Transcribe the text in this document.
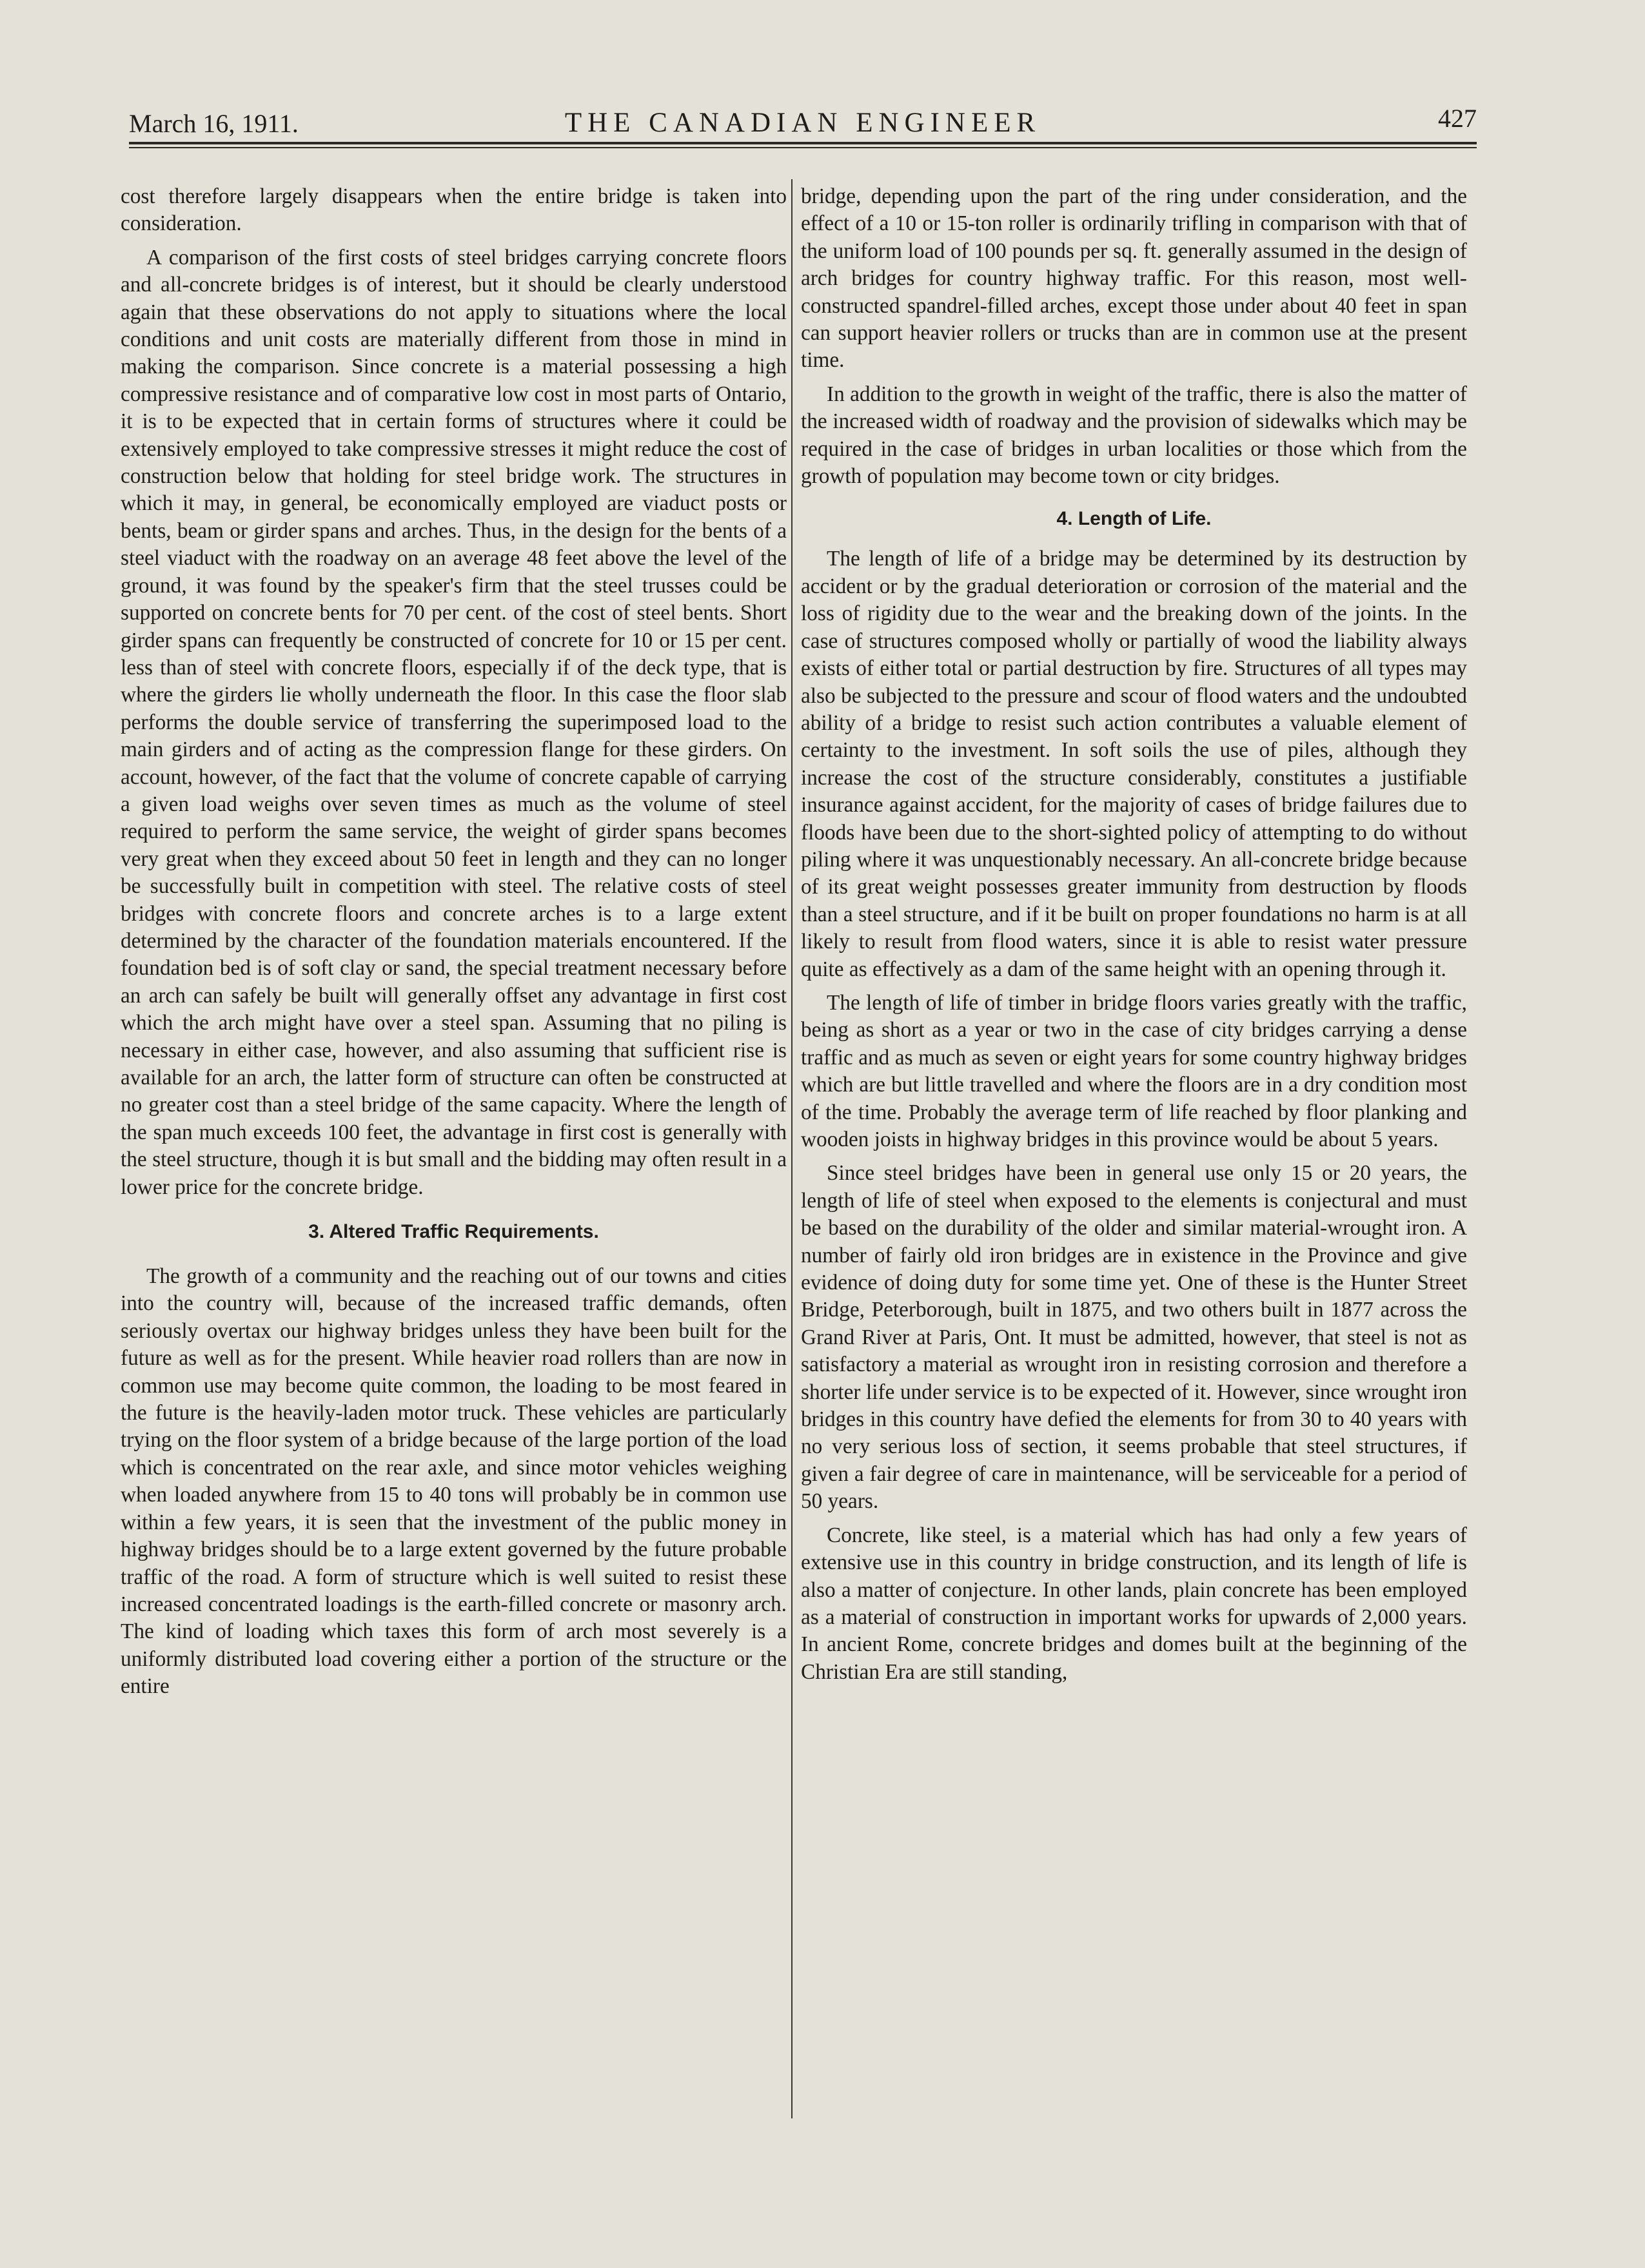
March 16, 1911.	THE CANADIAN ENGINEER	427

cost therefore largely disappears when the entire bridge is taken into consideration.

A comparison of the first costs of steel bridges carrying concrete floors and all-concrete bridges is of interest, but it should be clearly understood again that these observations do not apply to situations where the local conditions and unit costs are materially different from those in mind in making the comparison. Since concrete is a material possessing a high compressive resistance and of comparative low cost in most parts of Ontario, it is to be expected that in certain forms of structures where it could be extensively employed to take compressive stresses it might reduce the cost of construction below that holding for steel bridge work. The structures in which it may, in general, be economically employed are viaduct posts or bents, beam or girder spans and arches. Thus, in the design for the bents of a steel viaduct with the roadway on an average 48 feet above the level of the ground, it was found by the speaker's firm that the steel trusses could be supported on concrete bents for 70 per cent. of the cost of steel bents. Short girder spans can frequently be constructed of concrete for 10 or 15 per cent. less than of steel with concrete floors, especially if of the deck type, that is where the girders lie wholly underneath the floor. In this case the floor slab performs the double service of transferring the superimposed load to the main girders and of acting as the compression flange for these girders. On account, however, of the fact that the volume of concrete capable of carrying a given load weighs over seven times as much as the volume of steel required to perform the same service, the weight of girder spans becomes very great when they exceed about 50 feet in length and they can no longer be successfully built in competition with steel. The relative costs of steel bridges with concrete floors and concrete arches is to a large extent determined by the character of the foundation materials encountered. If the foundation bed is of soft clay or sand, the special treatment necessary before an arch can safely be built will generally offset any advantage in first cost which the arch might have over a steel span. Assuming that no piling is necessary in either case, however, and also assuming that sufficient rise is available for an arch, the latter form of structure can often be constructed at no greater cost than a steel bridge of the same capacity. Where the length of the span much exceeds 100 feet, the advantage in first cost is generally with the steel structure, though it is but small and the bidding may often result in a lower price for the concrete bridge.

3. Altered Traffic Requirements.

The growth of a community and the reaching out of our towns and cities into the country will, because of the increased traffic demands, often seriously overtax our highway bridges unless they have been built for the future as well as for the present. While heavier road rollers than are now in common use may become quite common, the loading to be most feared in the future is the heavily-laden motor truck. These vehicles are particularly trying on the floor system of a bridge because of the large portion of the load which is concentrated on the rear axle, and since motor vehicles weighing when loaded anywhere from 15 to 40 tons will probably be in common use within a few years, it is seen that the investment of the public money in highway bridges should be to a large extent governed by the future probable traffic of the road. A form of structure which is well suited to resist these increased concentrated loadings is the earth-filled concrete or masonry arch. The kind of loading which taxes this form of arch most severely is a uniformly distributed load covering either a portion of the structure or the entire

bridge, depending upon the part of the ring under consideration, and the effect of a 10 or 15-ton roller is ordinarily trifling in comparison with that of the uniform load of 100 pounds per sq. ft. generally assumed in the design of arch bridges for country highway traffic. For this reason, most well-constructed spandrel-filled arches, except those under about 40 feet in span can support heavier rollers or trucks than are in common use at the present time.

In addition to the growth in weight of the traffic, there is also the matter of the increased width of roadway and the provision of sidewalks which may be required in the case of bridges in urban localities or those which from the growth of population may become town or city bridges.

4. Length of Life.

The length of life of a bridge may be determined by its destruction by accident or by the gradual deterioration or corrosion of the material and the loss of rigidity due to the wear and the breaking down of the joints. In the case of structures composed wholly or partially of wood the liability always exists of either total or partial destruction by fire. Structures of all types may also be subjected to the pressure and scour of flood waters and the undoubted ability of a bridge to resist such action contributes a valuable element of certainty to the investment. In soft soils the use of piles, although they increase the cost of the structure considerably, constitutes a justifiable insurance against accident, for the majority of cases of bridge failures due to floods have been due to the short-sighted policy of attempting to do without piling where it was unquestionably necessary. An all-concrete bridge because of its great weight possesses greater immunity from destruction by floods than a steel structure, and if it be built on proper foundations no harm is at all likely to result from flood waters, since it is able to resist water pressure quite as effectively as a dam of the same height with an opening through it.

The length of life of timber in bridge floors varies greatly with the traffic, being as short as a year or two in the case of city bridges carrying a dense traffic and as much as seven or eight years for some country highway bridges which are but little travelled and where the floors are in a dry condition most of the time. Probably the average term of life reached by floor planking and wooden joists in highway bridges in this province would be about 5 years.

Since steel bridges have been in general use only 15 or 20 years, the length of life of steel when exposed to the elements is conjectural and must be based on the durability of the older and similar material-wrought iron. A number of fairly old iron bridges are in existence in the Province and give evidence of doing duty for some time yet. One of these is the Hunter Street Bridge, Peterborough, built in 1875, and two others built in 1877 across the Grand River at Paris, Ont. It must be admitted, however, that steel is not as satisfactory a material as wrought iron in resisting corrosion and therefore a shorter life under service is to be expected of it. However, since wrought iron bridges in this country have defied the elements for from 30 to 40 years with no very serious loss of section, it seems probable that steel structures, if given a fair degree of care in maintenance, will be serviceable for a period of 50 years.

Concrete, like steel, is a material which has had only a few years of extensive use in this country in bridge construction, and its length of life is also a matter of conjecture. In other lands, plain concrete has been employed as a material of construction in important works for upwards of 2,000 years. In ancient Rome, concrete bridges and domes built at the beginning of the Christian Era are still standing,
